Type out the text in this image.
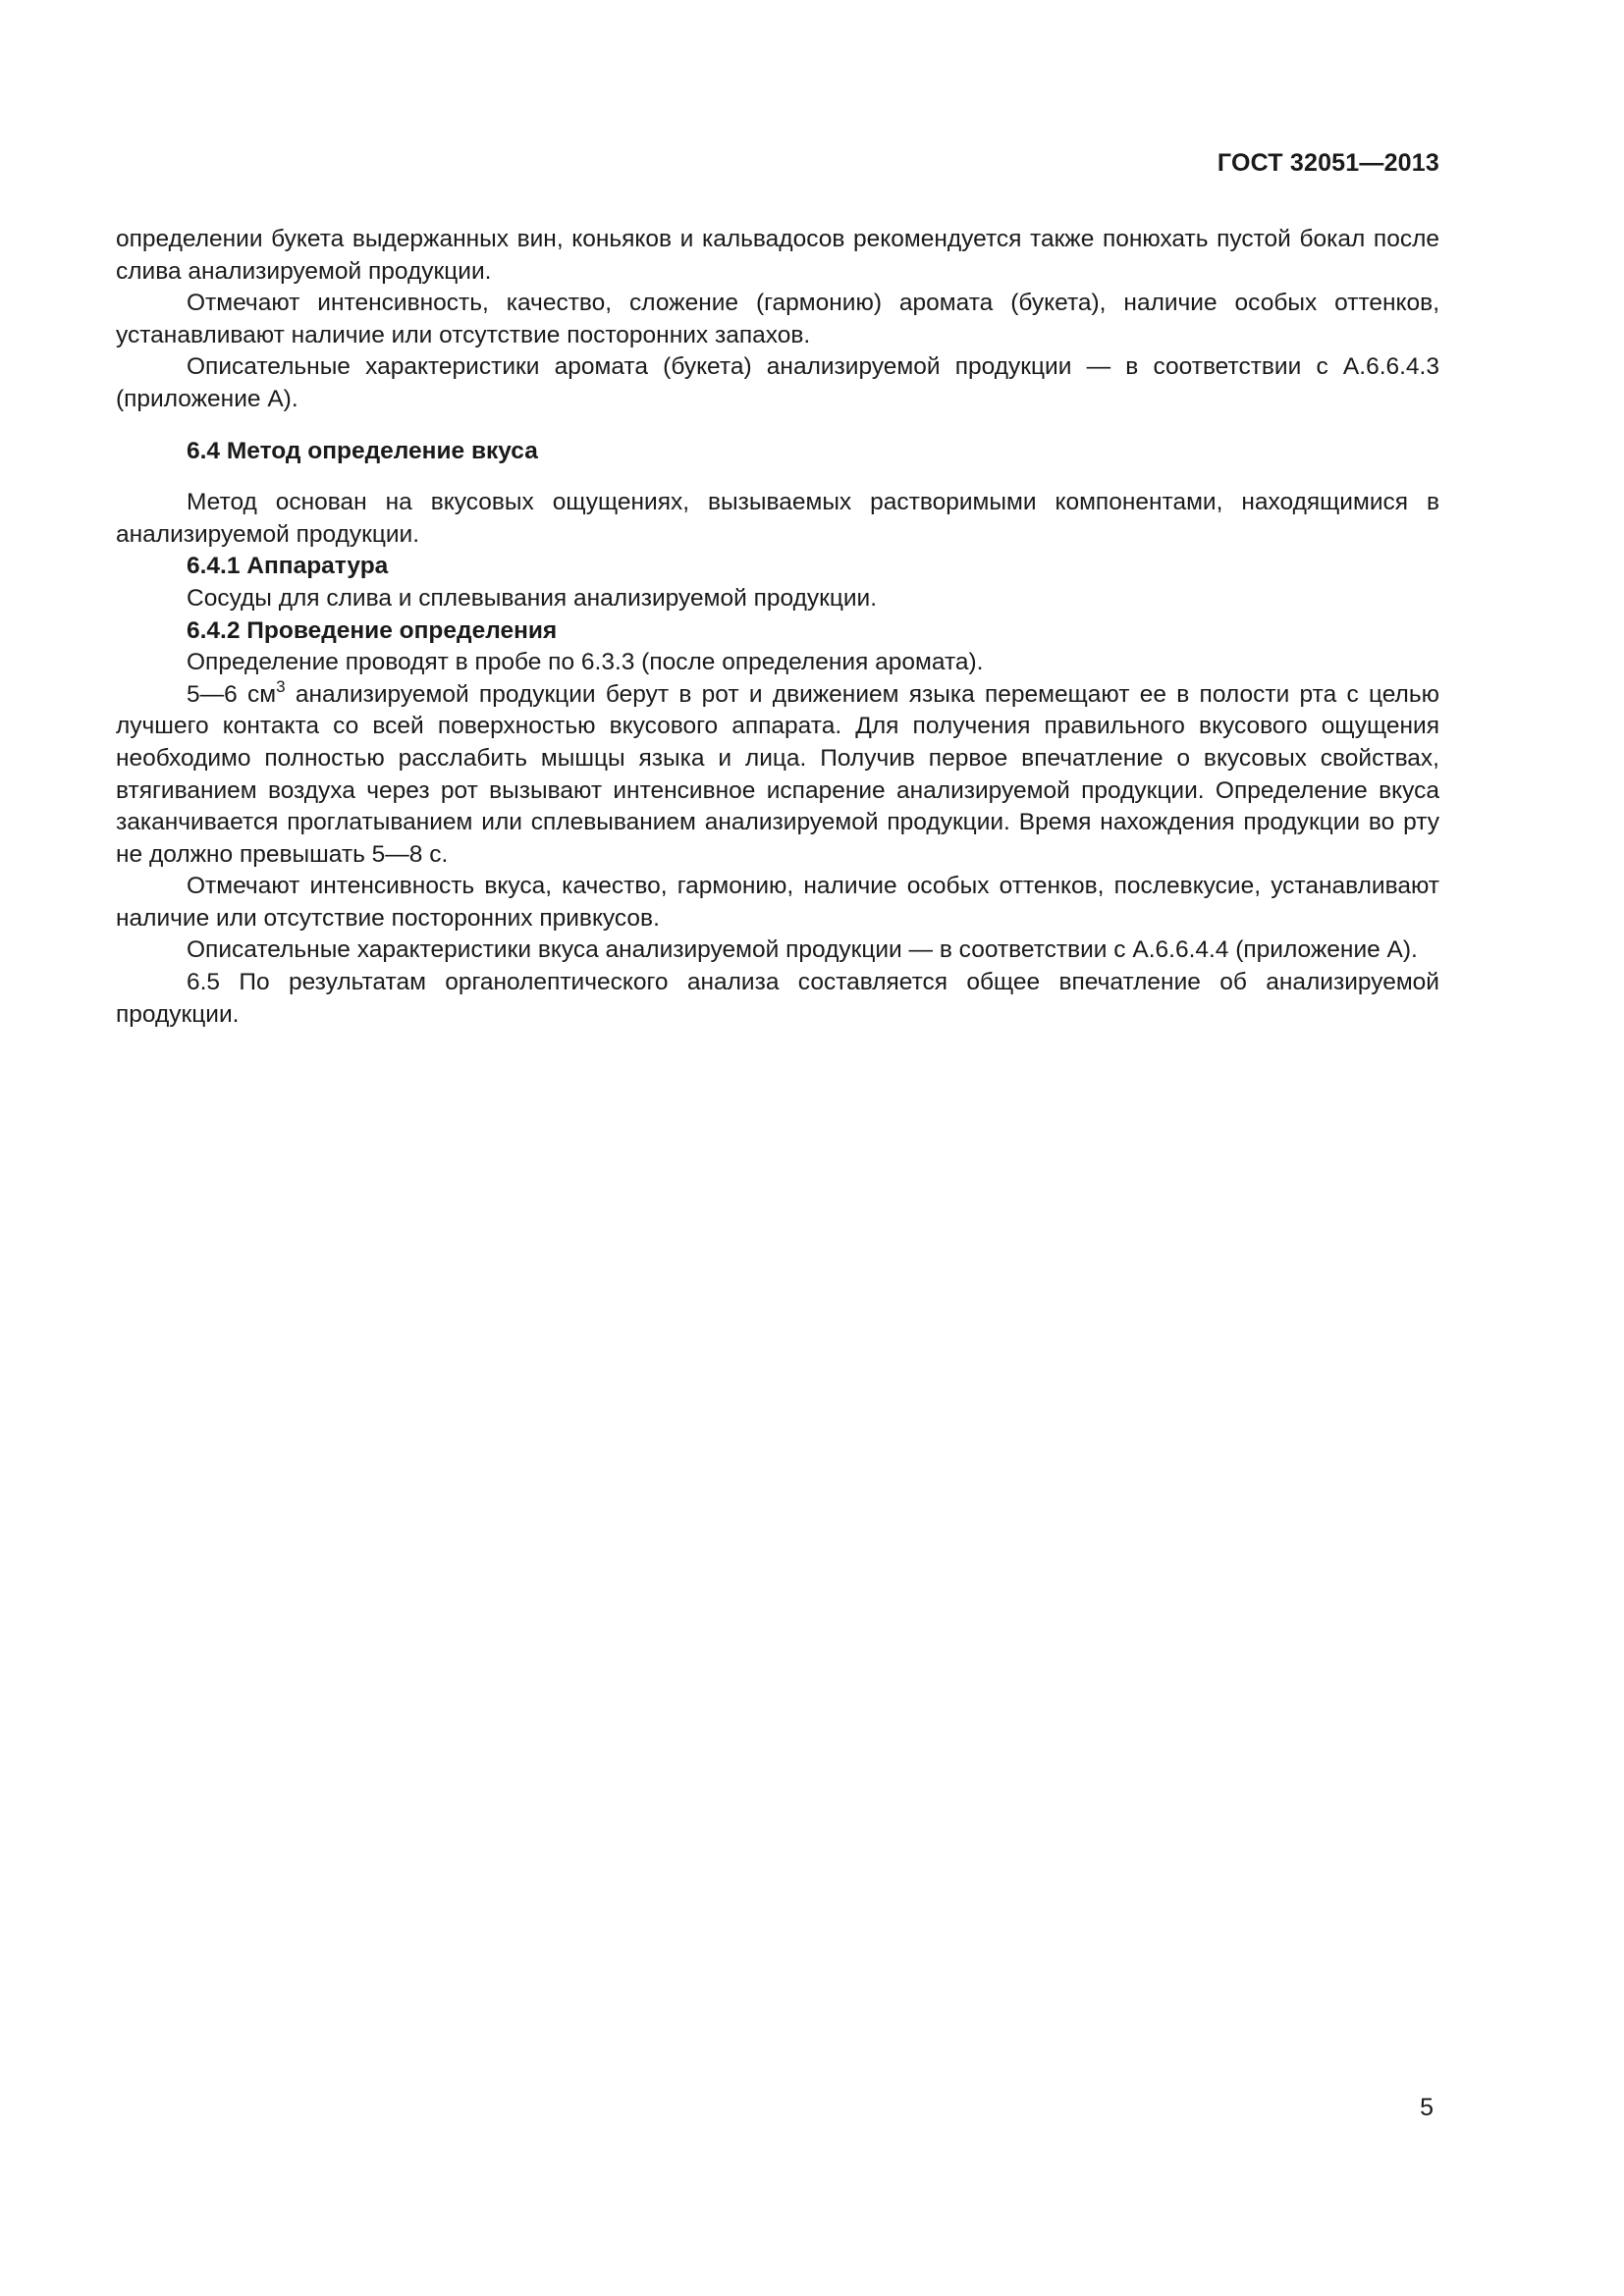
ГОСТ 32051—2013

определении букета выдержанных вин, коньяков и кальвадосов рекомендуется также понюхать пустой бокал после слива анализируемой продукции.

Отмечают интенсивность, качество, сложение (гармонию) аромата (букета), наличие особых оттенков, устанавливают наличие или отсутствие посторонних запахов.

Описательные характеристики аромата (букета) анализируемой продукции — в соответствии с А.6.6.4.3 (приложение А).

6.4 Метод определение вкуса

Метод основан на вкусовых ощущениях, вызываемых растворимыми компонентами, находящимися в анализируемой продукции.

6.4.1 Аппаратура

Сосуды для слива и сплевывания анализируемой продукции.

6.4.2 Проведение определения

Определение проводят в пробе по 6.3.3 (после определения аромата).

5—6 $см^3$ анализируемой продукции берут в рот и движением языка перемещают ее в полости рта с целью лучшего контакта со всей поверхностью вкусового аппарата. Для получения правильного вкусового ощущения необходимо полностью расслабить мышцы языка и лица. Получив первое впечатление о вкусовых свойствах, втягиванием воздуха через рот вызывают интенсивное испарение анализируемой продукции. Определение вкуса заканчивается проглатыванием или сплевыванием анализируемой продукции. Время нахождения продукции во рту не должно превышать 5—8 с.

Отмечают интенсивность вкуса, качество, гармонию, наличие особых оттенков, послевкусие, устанавливают наличие или отсутствие посторонних привкусов.

Описательные характеристики вкуса анализируемой продукции — в соответствии с А.6.6.4.4 (приложение А).

6.5 По результатам органолептического анализа составляется общее впечатление об анализируемой продукции.

5
